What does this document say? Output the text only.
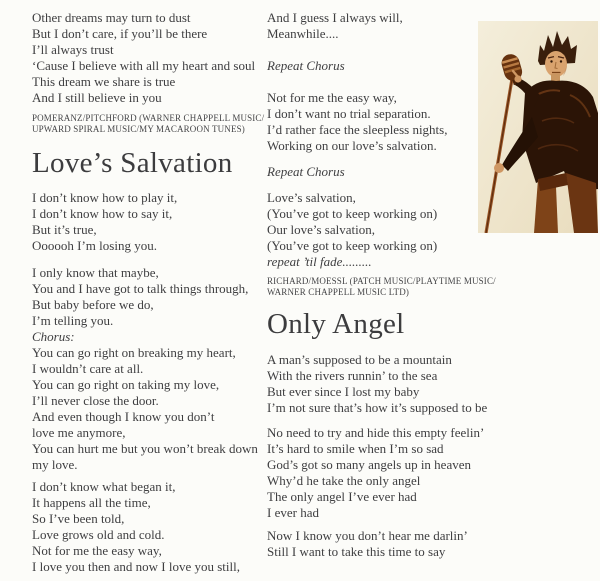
Other dreams may turn to dust
But I don’t care, if you’ll be there
I’ll always trust
‘Cause I believe with all my heart and soul
This dream we share is true
And I still believe in you
POMERANZ/PITCHFORD (WARNER CHAPPELL MUSIC/
UPWARD SPIRAL MUSIC/MY MACAROON TUNES)
Love’s Salvation
I don’t know how to play it,
I don’t know how to say it,
But it’s true,
Oooooh I’m losing you.
I only know that maybe,
You and I have got to talk things through,
But baby before we do,
I’m telling you.
Chorus:
You can go right on breaking my heart,
I wouldn’t care at all.
You can go right on taking my love,
I’ll never close the door.
And even though I know you don’t
love me anymore,
You can hurt me but you won’t break down
my love.
I don’t know what began it,
It happens all the time,
So I’ve been told,
Love grows old and cold.
Not for me the easy way,
I love you then and now I love you still,
And I guess I always will,
Meanwhile....
Repeat Chorus
Not for me the easy way,
I don’t want no trial separation.
I’d rather face the sleepless nights,
Working on our love’s salvation.
Repeat Chorus
Love’s salvation,
(You’ve got to keep working on)
Our love’s salvation,
(You’ve got to keep working on)
repeat ’til fade.........
RICHARD/MOESSL (PATCH MUSIC/PLAYTIME MUSIC/
WARNER CHAPPELL MUSIC LTD)
Only Angel
A man’s supposed to be a mountain
With the rivers runnin’ to the sea
But ever since I lost my baby
I’m not sure that’s how it’s supposed to be
No need to try and hide this empty feelin’
It’s hard to smile when I’m so sad
God’s got so many angels up in heaven
Why’d he take the only angel
The only angel I’ve ever had
I ever had
Now I know you don’t hear me darlin’
Still I want to take this time to say
